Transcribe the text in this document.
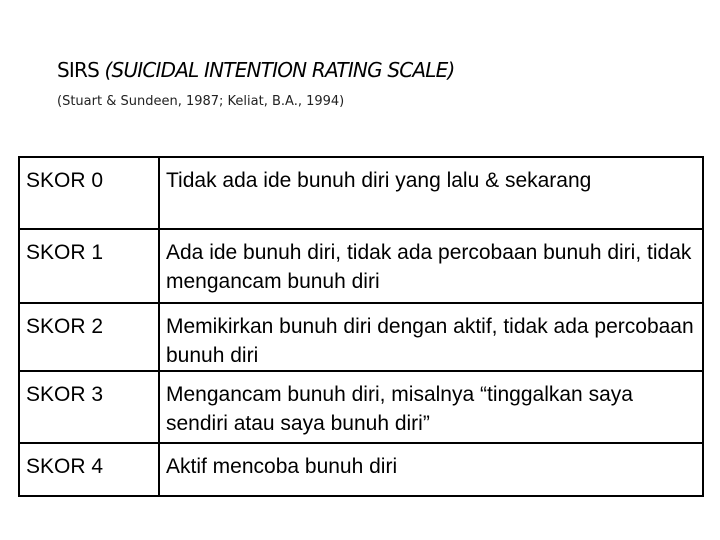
SIRS (SUICIDAL INTENTION RATING SCALE)
(Stuart & Sundeen, 1987; Keliat, B.A., 1994)
SKOR 0	Tidak ada ide bunuh diri yang lalu & sekarang
SKOR 1	Ada ide bunuh diri, tidak ada percobaan bunuh diri, tidak mengancam bunuh diri
SKOR 2	Memikirkan bunuh diri dengan aktif, tidak ada percobaan bunuh diri
SKOR 3	Mengancam bunuh diri, misalnya “tinggalkan saya sendiri atau saya bunuh diri”
SKOR 4	Aktif mencoba bunuh diri
